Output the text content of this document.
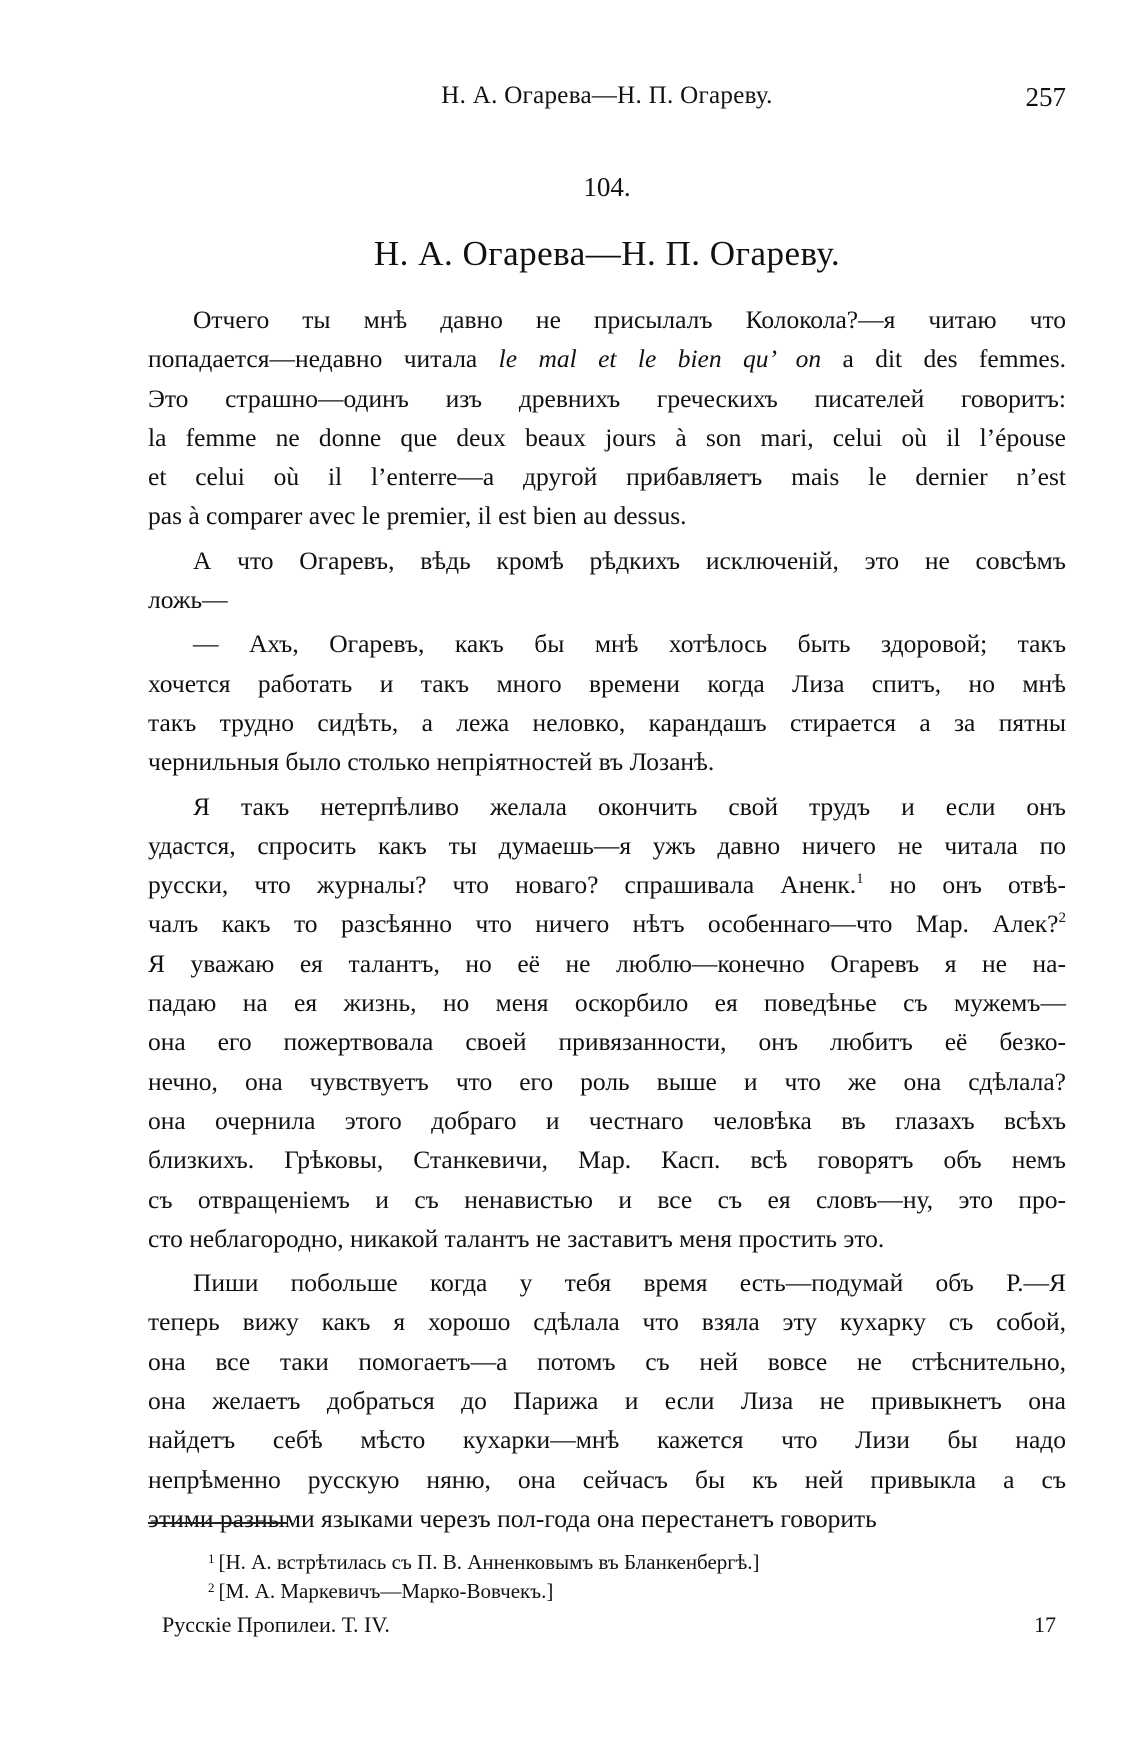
Н. А. Огарева—Н. П. Огареву.	257
104.
Н. А. Огарева—Н. П. Огареву.

Отчего ты мнѣ давно не присылалъ Колокола?—я читаю что
попадается—недавно читала le mal et le bien qu’ on a dit des femmes.
Это страшно—одинъ изъ древнихъ греческихъ писателей говоритъ:
la femme ne donne que deux beaux jours à son mari, celui où il l’épouse
et celui où il l’enterre—a другой прибавляетъ mais le dernier n’est
pas à comparer avec le premier, il est bien au dessus.

А что Огаревъ, вѣдь кромѣ рѣдкихъ исключеній, это не совсѣмъ
ложь—

— Ахъ, Огаревъ, какъ бы мнѣ хотѣлось быть здоровой; такъ
хочется работать и такъ много времени когда Лиза спитъ, но мнѣ
такъ трудно сидѣть, а лежа неловко, карандашъ стирается а за пятны
чернильныя было столько непріятностей въ Лозанѣ.

Я такъ нетерпѣливо желала окончить свой трудъ и если онъ
удастся, спросить какъ ты думаешь—я ужъ давно ничего не читала по
русски, что журналы? что новаго? спрашивала Аненк.$^1$ но онъ отвѣ-
чалъ какъ то разсѣянно что ничего нѣтъ особеннаго—что Мар. Алек?$^2$
Я уважаю ея талантъ, но её не люблю—конечно Огаревъ я не на-
падаю на ея жизнь, но меня оскорбило ея поведѣнье съ мужемъ—
она его пожертвовала своей привязанности, онъ любитъ её безко-
нечно, она чувствуетъ что его роль выше и что же она сдѣлала?
она очернила этого добраго и честнаго человѣка въ глазахъ всѣхъ
близкихъ. Грѣковы, Станкевичи, Мар. Касп. всѣ говорятъ объ немъ
съ отвращеніемъ и съ ненавистью и все съ ея словъ—ну, это про-
сто неблагородно, никакой талантъ не заставитъ меня простить это.

Пиши побольше когда у тебя время есть—подумай объ Р.—Я
теперь вижу какъ я хорошо сдѣлала что взяла эту кухарку съ собой,
она все таки помогаетъ—а потомъ съ ней вовсе не стѣснительно,
она желаетъ добраться до Парижа и если Лиза не привыкнетъ она
найдетъ себѣ мѣсто кухарки—мнѣ кажется что Лизи бы надо
непрѣменно русскую няню, она сейчасъ бы къ ней привыкла а съ
этими разными языками черезъ пол-года она перестанетъ говорить

$^1$ [Н. А. встрѣтилась съ П. В. Анненковымъ въ Бланкенбергѣ.]
$^2$ [М. А. Маркевичъ—Марко-Вовчекъ.]
Русскіе Пропилеи. Т. IV.	17
